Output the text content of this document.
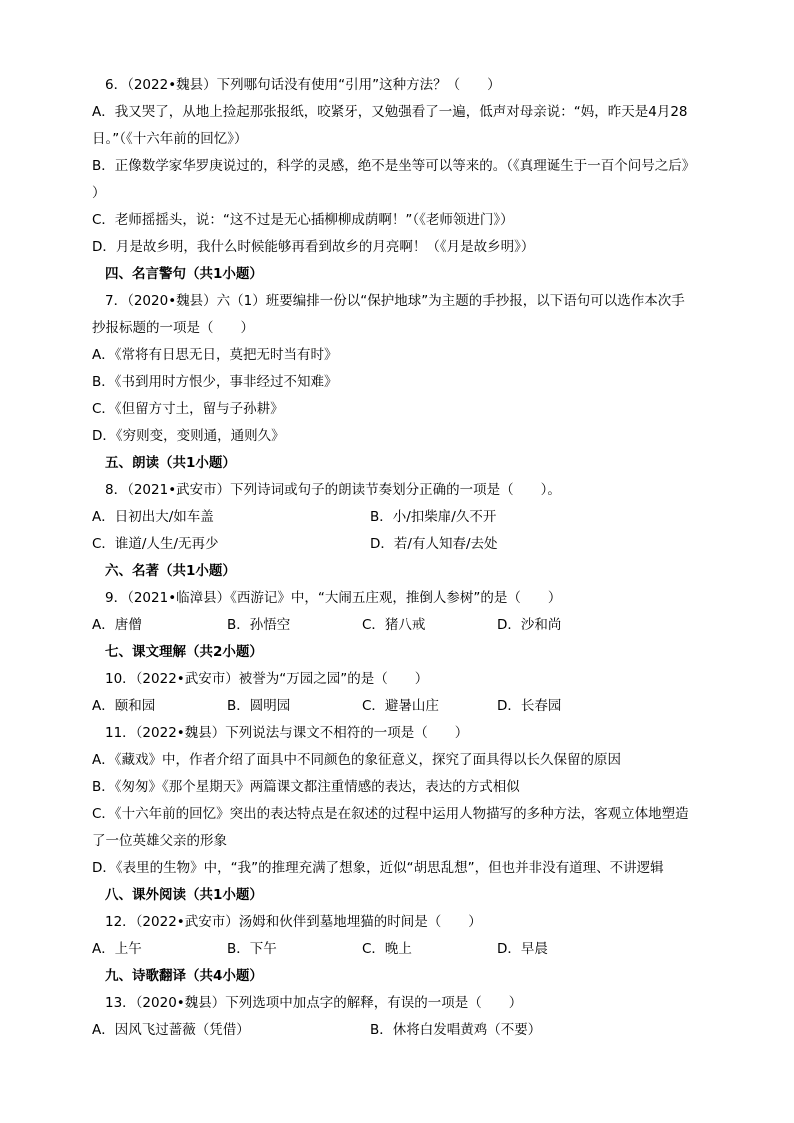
6．（2022•魏县）下列哪句话没有使用“引用”这种方法？（　　）
A．我又哭了，从地上捡起那张报纸，咬紧牙，又勉强看了一遍，低声对母亲说：“妈，昨天是4月28
日。”（《十六年前的回忆》）
B．正像数学家华罗庚说过的，科学的灵感，绝不是坐等可以等来的。（《真理诞生于一百个问号之后》
）
C．老师摇摇头，说：“这不过是无心插柳柳成荫啊！”（《老师领进门》）
D．月是故乡明，我什么时候能够再看到故乡的月亮啊！（《月是故乡明》）
四、名言警句（共1小题）
7．（2020•魏县）六（1）班要编排一份以“保护地球”为主题的手抄报，以下语句可以选作本次手
抄报标题的一项是（　　）
A．《常将有日思无日，莫把无时当有时》
B．《书到用时方恨少，事非经过不知难》
C．《但留方寸土，留与子孙耕》
D．《穷则变，变则通，通则久》
五、朗读（共1小题）
8．（2021•武安市）下列诗词或句子的朗读节奏划分正确的一项是（　　）。
A．日初出大/如车盖	B．小/扣柴扉/久不开
C．谁道/人生/无再少	D．若/有人知春/去处
六、名著（共1小题）
9．（2021•临漳县）《西游记》中，“大闹五庄观，推倒人参树”的是（　　）
A．唐僧	B．孙悟空	C．猪八戒	D．沙和尚
七、课文理解（共2小题）
10．（2022•武安市）被誉为“万园之园”的是（　　）
A．颐和园	B．圆明园	C．避暑山庄	D．长春园
11．（2022•魏县）下列说法与课文不相符的一项是（　　）
A．《藏戏》中，作者介绍了面具中不同颜色的象征意义，探究了面具得以长久保留的原因
B．《匆匆》《那个星期天》两篇课文都注重情感的表达，表达的方式相似
C．《十六年前的回忆》突出的表达特点是在叙述的过程中运用人物描写的多种方法，客观立体地塑造
了一位英雄父亲的形象
D．《表里的生物》中，“我”的推理充满了想象，近似“胡思乱想”，但也并非没有道理、不讲逻辑
八、课外阅读（共1小题）
12．（2022•武安市）汤姆和伙伴到墓地埋猫的时间是（　　）
A．上午	B．下午	C．晚上	D．早晨
九、诗歌翻译（共4小题）
13．（2020•魏县）下列选项中加点字的解释，有误的一项是（　　）
A．因风飞过蔷薇（凭借）	B．休将白发唱黄鸡（不要）
